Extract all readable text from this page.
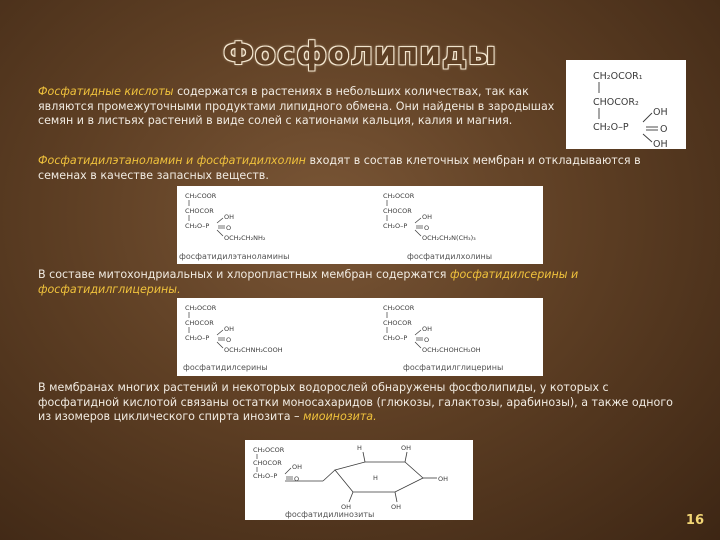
Фосфолипиды

Фосфатидные кислоты содержатся в растениях в небольших количествах, так как являются промежуточными продуктами липидного обмена. Они найдены в зародышах семян и в листьях растений в виде солей с катионами кальция, калия и магния.

CH₂OCOR₁
CHOCOR₂
CH₂O–P
OH
O
OH

Фосфатидилэтаноламин и фосфатидилхолин входят в состав клеточных мембран и откладываются в семенах в качестве запасных веществ.

CH₂COOR
CHOCOR
CH₂O–P
OH
O
OCH₂CH₂NH₂
фосфатидилэтаноламины
CH₂OCOR
CHOCOR
CH₂O–P
OH
O
OCH₂CH₂N(CH₃)₃
фосфатидилхолины

В составе митохондриальных и хлоропластных мембран содержатся фосфатидилсерины и фосфатидилглицерины.

CH₂OCOR
CHOCOR
CH₂O–P
OH
O
OCH₂CHNH₂COOH
фосфатидилсерины
CH₂OCOR
CHOCOR
CH₂O–P
OH
O
OCH₂CHOHCH₂OH
фосфатидилглицерины

В мембранах многих растений и некоторых водорослей обнаружены фосфолипиды, у которых с фосфатидной кислотой связаны остатки моносахаридов (глюкозы, галактозы, арабинозы), а также одного из изомеров циклического спирта инозита – миоинозита.

CH₂OCOR
CHOCOR
CH₂O–P
OH
O
H	OH
OH
OH	OH
H
фосфатидилинозиты	16
